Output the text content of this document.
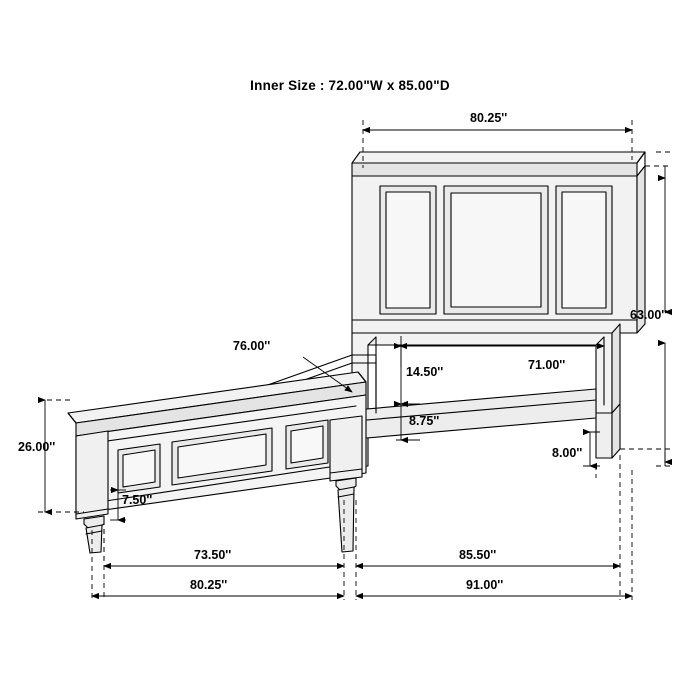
Inner Size : 72.00"W x 85.00"D
80.25''
63.00''
71.00''
76.00''
14.50''
8.75''
26.00''
7.50''
8.00''
73.50''	85.50''
80.25''	91.00''
